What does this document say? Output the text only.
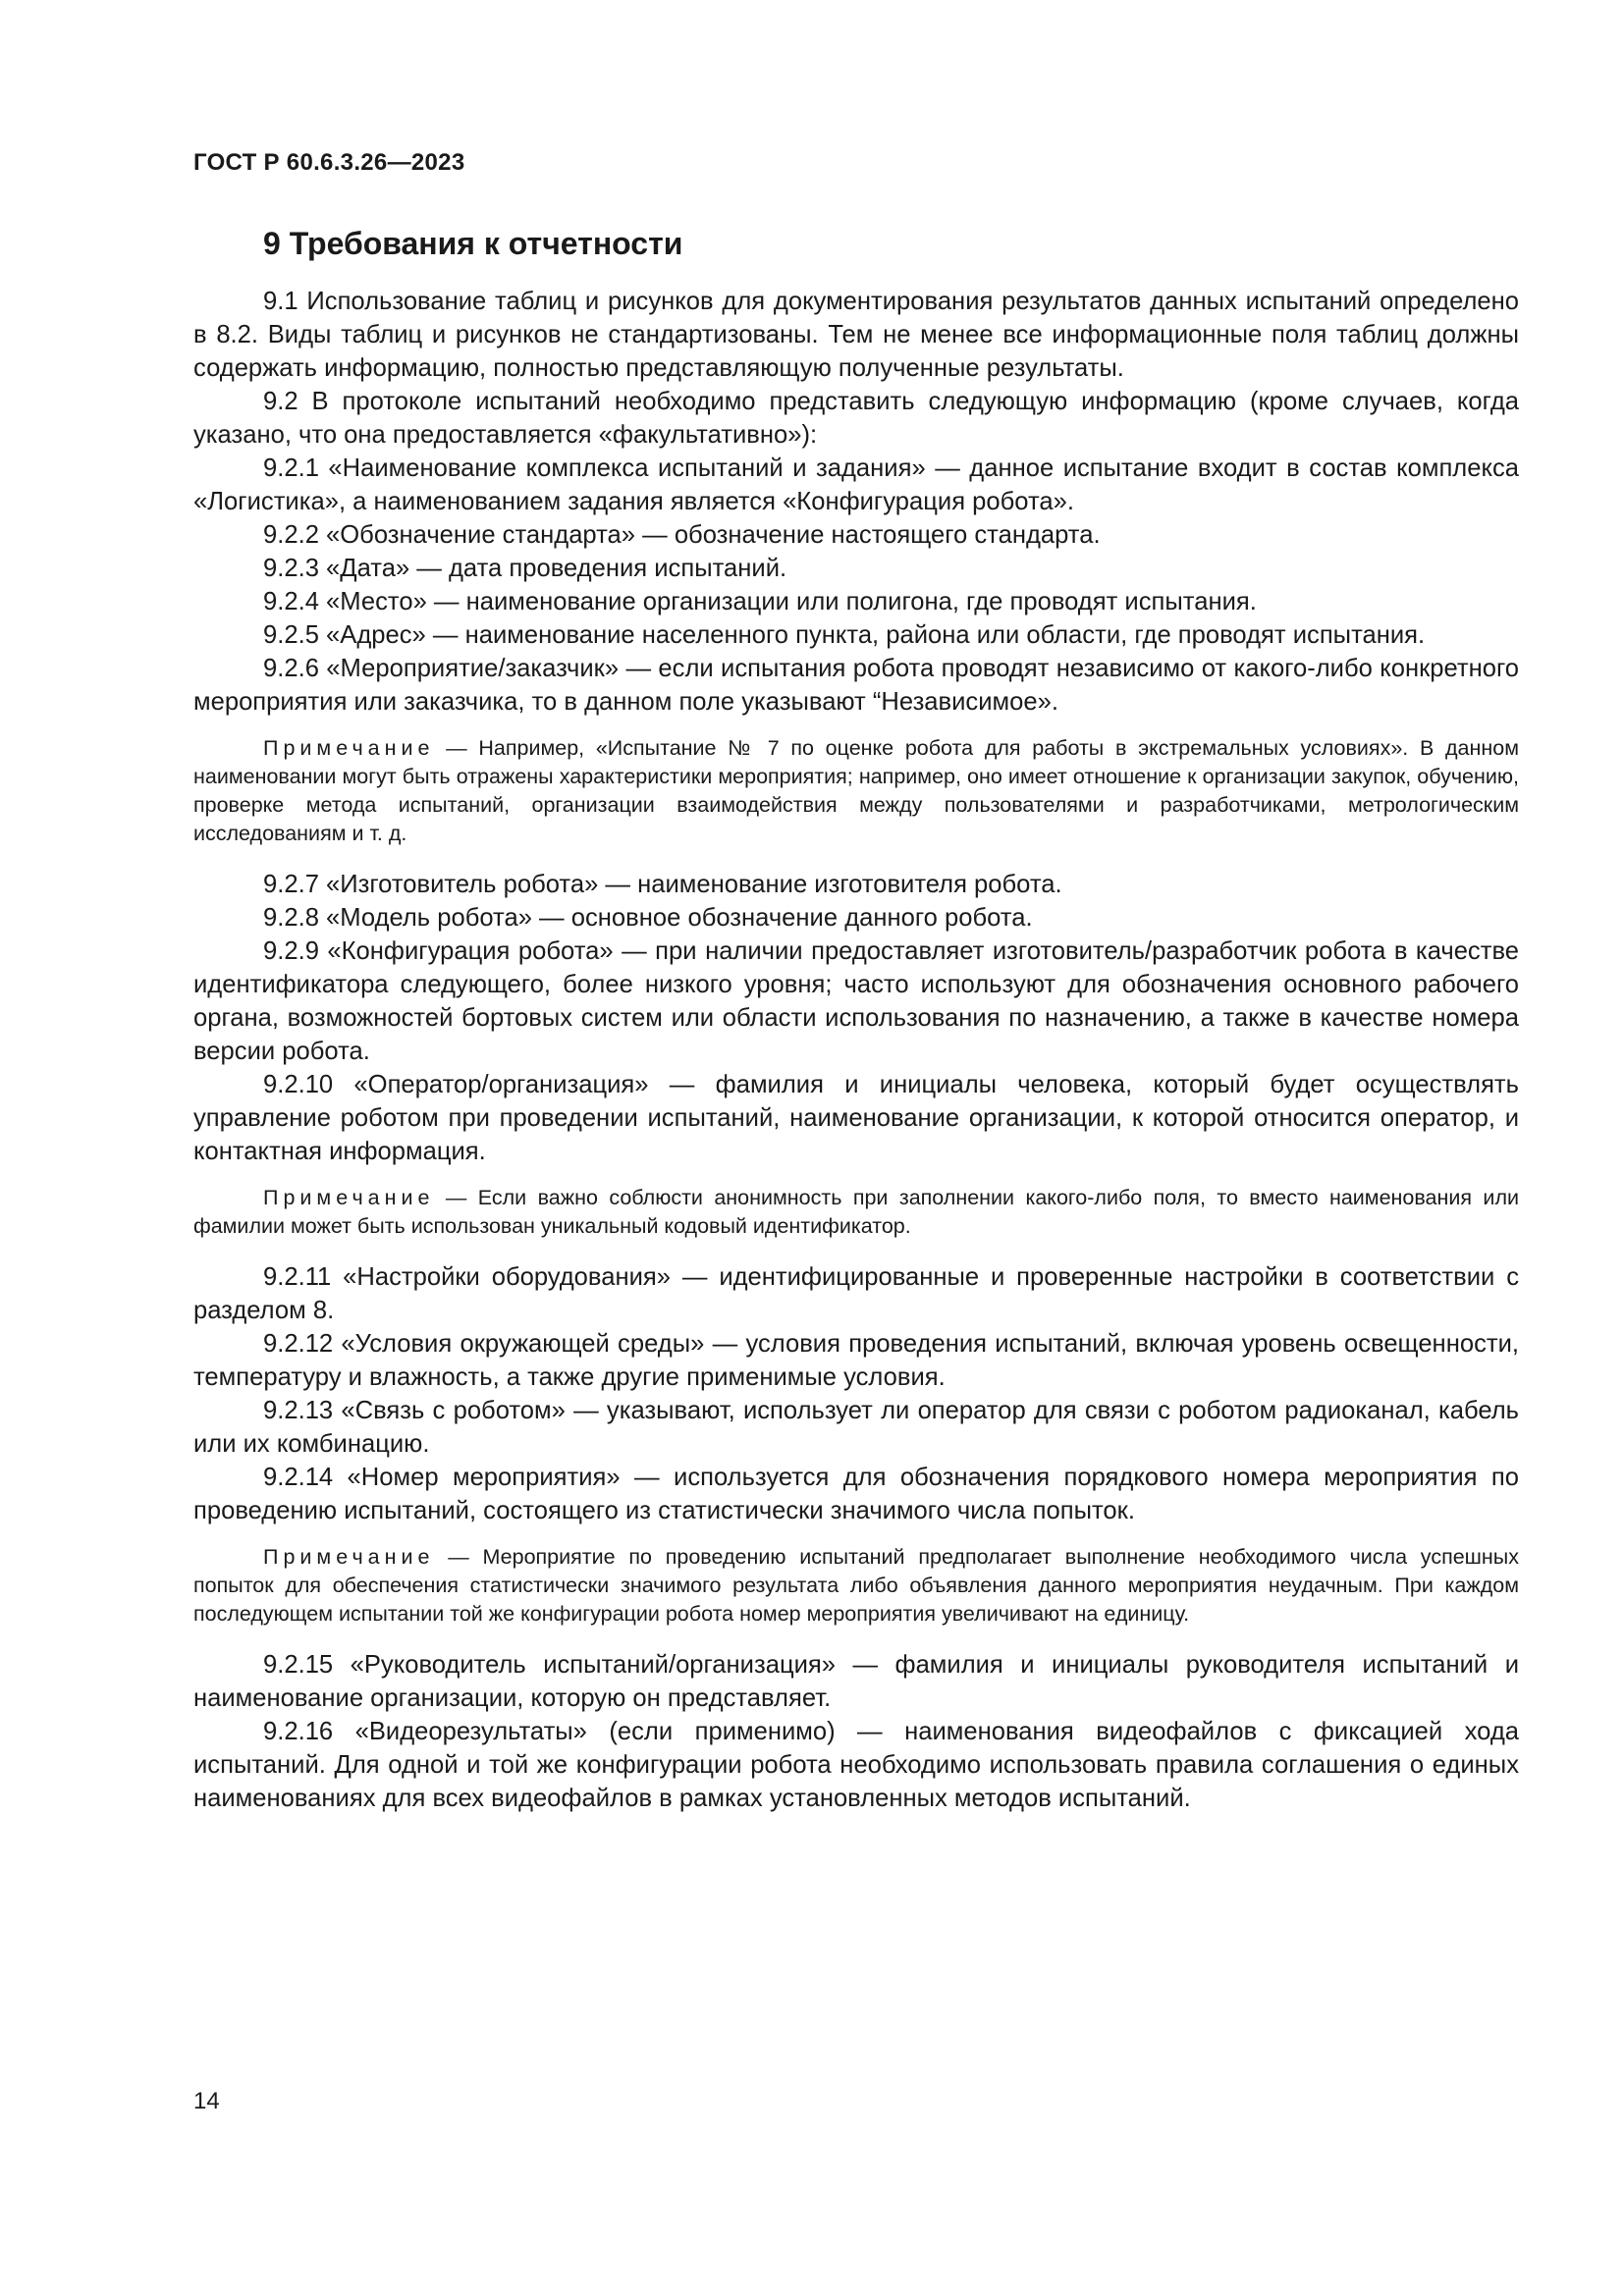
ГОСТ Р 60.6.3.26—2023
9 Требования к отчетности

9.1 Использование таблиц и рисунков для документирования результатов данных испытаний определено в 8.2. Виды таблиц и рисунков не стандартизованы. Тем не менее все информационные поля таблиц должны содержать информацию, полностью представляющую полученные результаты.

9.2 В протоколе испытаний необходимо представить следующую информацию (кроме случаев, когда указано, что она предоставляется «факультативно»):

9.2.1 «Наименование комплекса испытаний и задания» — данное испытание входит в состав комплекса «Логистика», а наименованием задания является «Конфигурация робота».

9.2.2 «Обозначение стандарта» — обозначение настоящего стандарта.

9.2.3 «Дата» — дата проведения испытаний.

9.2.4 «Место» — наименование организации или полигона, где проводят испытания.

9.2.5 «Адрес» — наименование населенного пункта, района или области, где проводят испытания.

9.2.6 «Мероприятие/заказчик» — если испытания робота проводят независимо от какого-либо конкретного мероприятия или заказчика, то в данном поле указывают “Независимое».

Примечание — Например, «Испытание № 7 по оценке робота для работы в экстремальных условиях». В данном наименовании могут быть отражены характеристики мероприятия; например, оно имеет отношение к организации закупок, обучению, проверке метода испытаний, организации взаимодействия между пользователями и разработчиками, метрологическим исследованиям и т. д.

9.2.7 «Изготовитель робота» — наименование изготовителя робота.

9.2.8 «Модель робота» — основное обозначение данного робота.

9.2.9 «Конфигурация робота» — при наличии предоставляет изготовитель/разработчик робота в качестве идентификатора следующего, более низкого уровня; часто используют для обозначения основного рабочего органа, возможностей бортовых систем или области использования по назначению, а также в качестве номера версии робота.

9.2.10 «Оператор/организация» — фамилия и инициалы человека, который будет осуществлять управление роботом при проведении испытаний, наименование организации, к которой относится оператор, и контактная информация.

Примечание — Если важно соблюсти анонимность при заполнении какого-либо поля, то вместо наименования или фамилии может быть использован уникальный кодовый идентификатор.

9.2.11 «Настройки оборудования» — идентифицированные и проверенные настройки в соответствии с разделом 8.

9.2.12 «Условия окружающей среды» — условия проведения испытаний, включая уровень освещенности, температуру и влажность, а также другие применимые условия.

9.2.13 «Связь с роботом» — указывают, использует ли оператор для связи с роботом радиоканал, кабель или их комбинацию.

9.2.14 «Номер мероприятия» — используется для обозначения порядкового номера мероприятия по проведению испытаний, состоящего из статистически значимого числа попыток.

Примечание — Мероприятие по проведению испытаний предполагает выполнение необходимого числа успешных попыток для обеспечения статистически значимого результата либо объявления данного мероприятия неудачным. При каждом последующем испытании той же конфигурации робота номер мероприятия увеличивают на единицу.

9.2.15 «Руководитель испытаний/организация» — фамилия и инициалы руководителя испытаний и наименование организации, которую он представляет.

9.2.16 «Видеорезультаты» (если применимо) — наименования видеофайлов с фиксацией хода испытаний. Для одной и той же конфигурации робота необходимо использовать правила соглашения о единых наименованиях для всех видеофайлов в рамках установленных методов испытаний.

14
